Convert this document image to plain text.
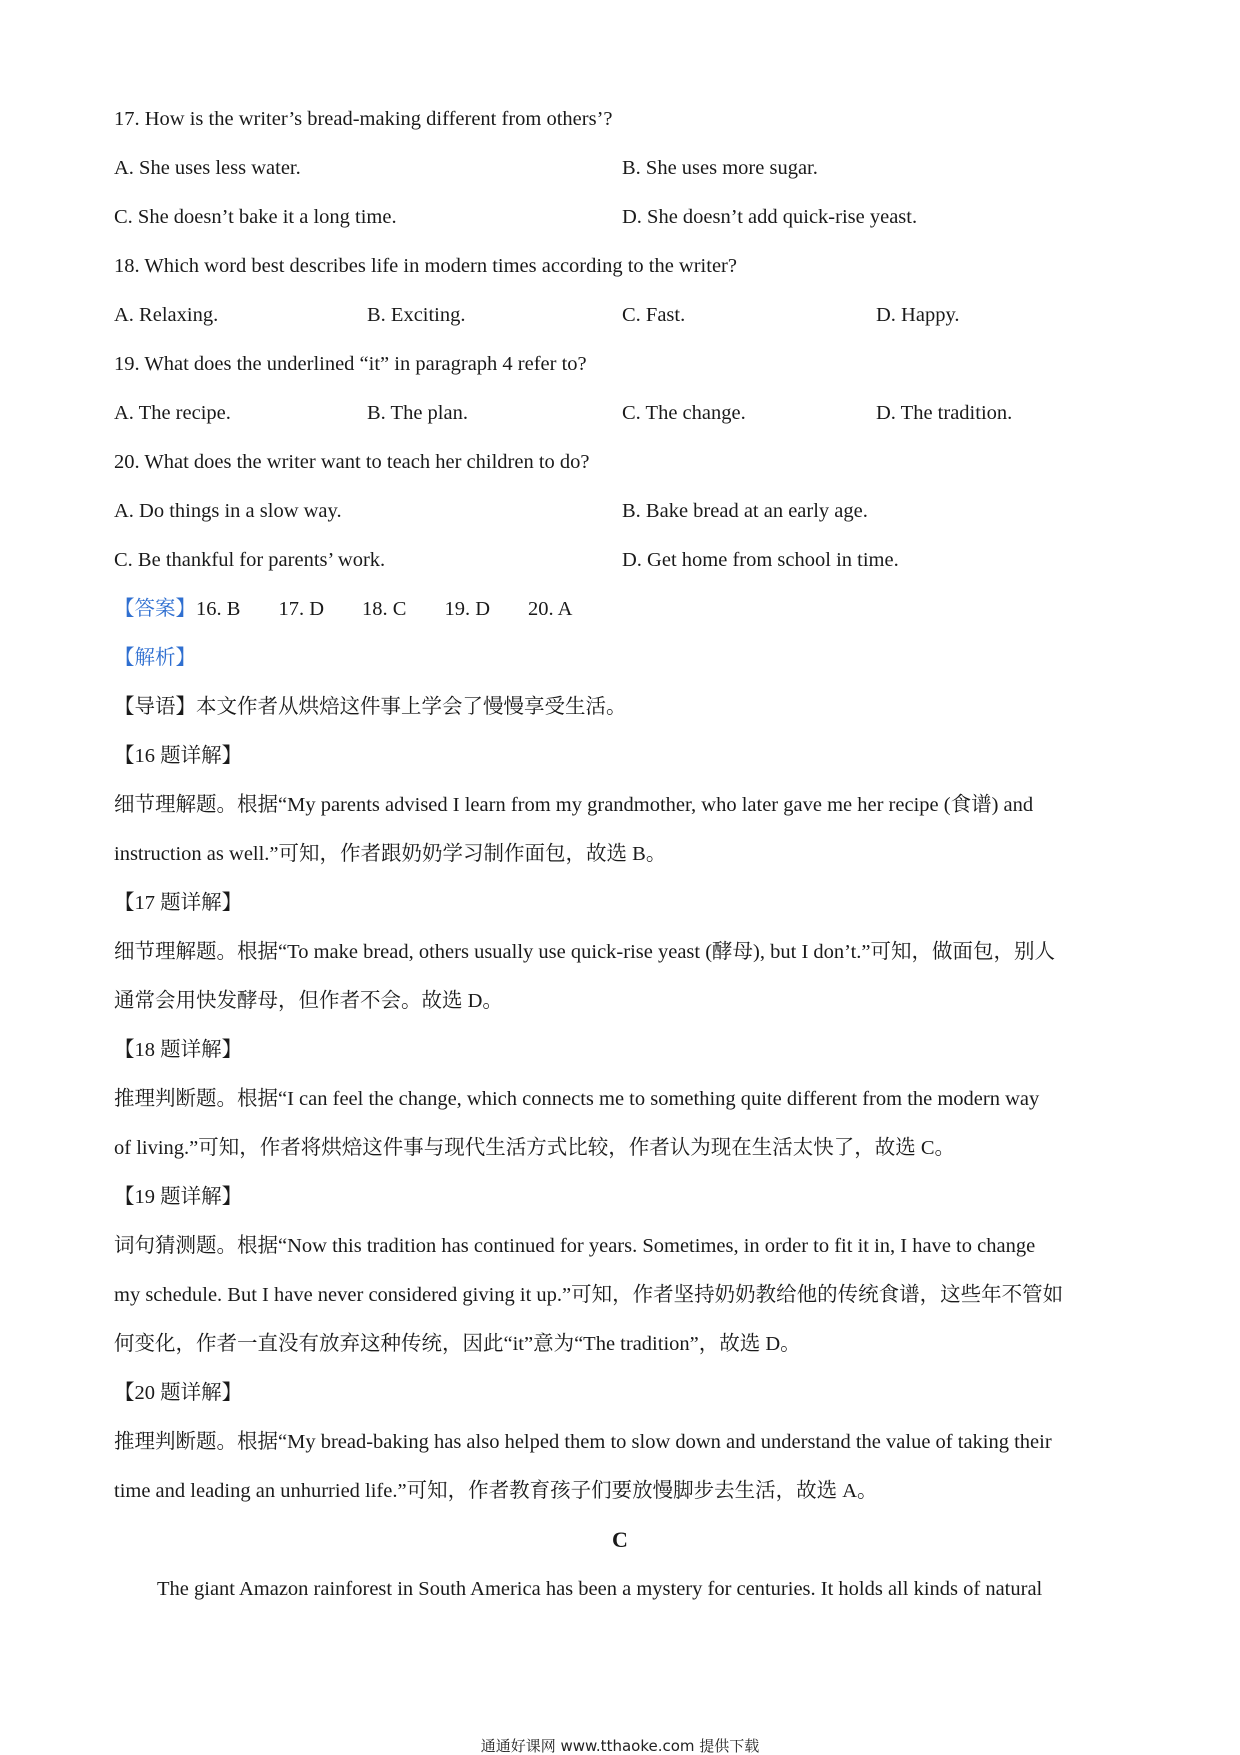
17. How is the writer’s bread-making different from others’?
A. She uses less water.	B. She uses more sugar.
C. She doesn’t bake it a long time.	D. She doesn’t add quick-rise yeast.
18. Which word best describes life in modern times according to the writer?
A. Relaxing.	B. Exciting.	C. Fast.	D. Happy.
19. What does the underlined “it” in paragraph 4 refer to?
A. The recipe.	B. The plan.	C. The change.	D. The tradition.
20. What does the writer want to teach her children to do?
A. Do things in a slow way.	B. Bake bread at an early age.
C. Be thankful for parents’ work.	D. Get home from school in time.
【答案】16. B 17. D 18. C 19. D 20. A
【解析】
【导语】本文作者从烘焙这件事上学会了慢慢享受生活。
【16 题详解】
细节理解题。根据“My parents advised I learn from my grandmother, who later gave me her recipe (食谱) and
instruction as well.”可知，作者跟奶奶学习制作面包，故选 B。
【17 题详解】
细节理解题。根据“To make bread, others usually use quick-rise yeast (酵母), but I don’t.”可知，做面包，别人
通常会用快发酵母，但作者不会。故选 D。
【18 题详解】
推理判断题。根据“I can feel the change, which connects me to something quite different from the modern way
of living.”可知，作者将烘焙这件事与现代生活方式比较，作者认为现在生活太快了，故选 C。
【19 题详解】
词句猜测题。根据“Now this tradition has continued for years. Sometimes, in order to fit it in, I have to change
my schedule. But I have never considered giving it up.”可知，作者坚持奶奶教给他的传统食谱，这些年不管如
何变化，作者一直没有放弃这种传统，因此“it”意为“The tradition”，故选 D。
【20 题详解】
推理判断题。根据“My bread-baking has also helped them to slow down and understand the value of taking their
time and leading an unhurried life.”可知，作者教育孩子们要放慢脚步去生活，故选 A。
C
The giant Amazon rainforest in South America has been a mystery for centuries. It holds all kinds of natural
通通好课网 www.tthaoke.com 提供下载
